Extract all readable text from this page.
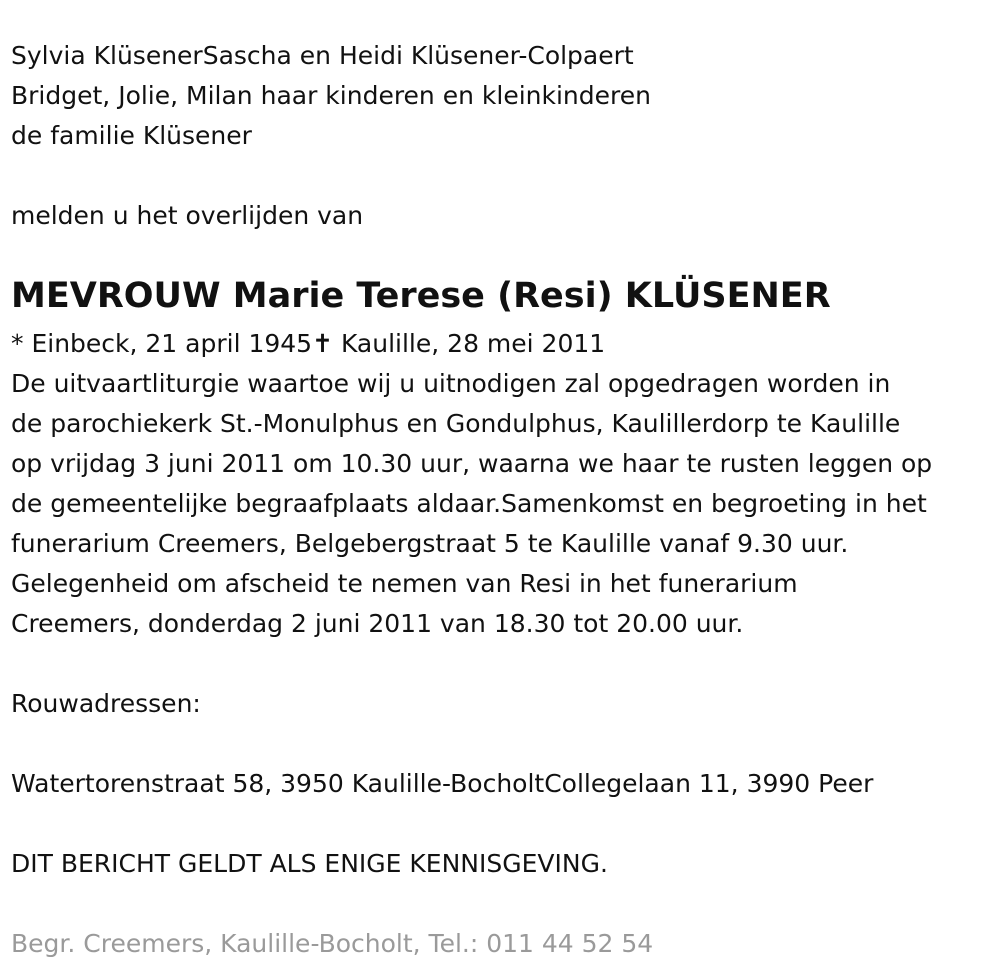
Sylvia KlüsenerSascha en Heidi Klüsener-Colpaert
Bridget, Jolie, Milan haar kinderen en kleinkinderen
de familie Klüsener
melden u het overlijden van
MEVROUW Marie Terese (Resi) KLÜSENER
* Einbeck, 21 april 1945✝ Kaulille, 28 mei 2011
De uitvaartliturgie waartoe wij u uitnodigen zal opgedragen worden in
de parochiekerk St.-Monulphus en Gondulphus, Kaulillerdorp te Kaulille
op vrijdag 3 juni 2011 om 10.30 uur, waarna we haar te rusten leggen op
de gemeentelijke begraafplaats aldaar.Samenkomst en begroeting in het
funerarium Creemers, Belgebergstraat 5 te Kaulille vanaf 9.30 uur.
Gelegenheid om afscheid te nemen van Resi in het funerarium
Creemers, donderdag 2 juni 2011 van 18.30 tot 20.00 uur.
Rouwadressen:
Watertorenstraat 58, 3950 Kaulille-BocholtCollegelaan 11, 3990 Peer
DIT BERICHT GELDT ALS ENIGE KENNISGEVING.
Begr. Creemers, Kaulille-Bocholt, Tel.: 011 44 52 54
